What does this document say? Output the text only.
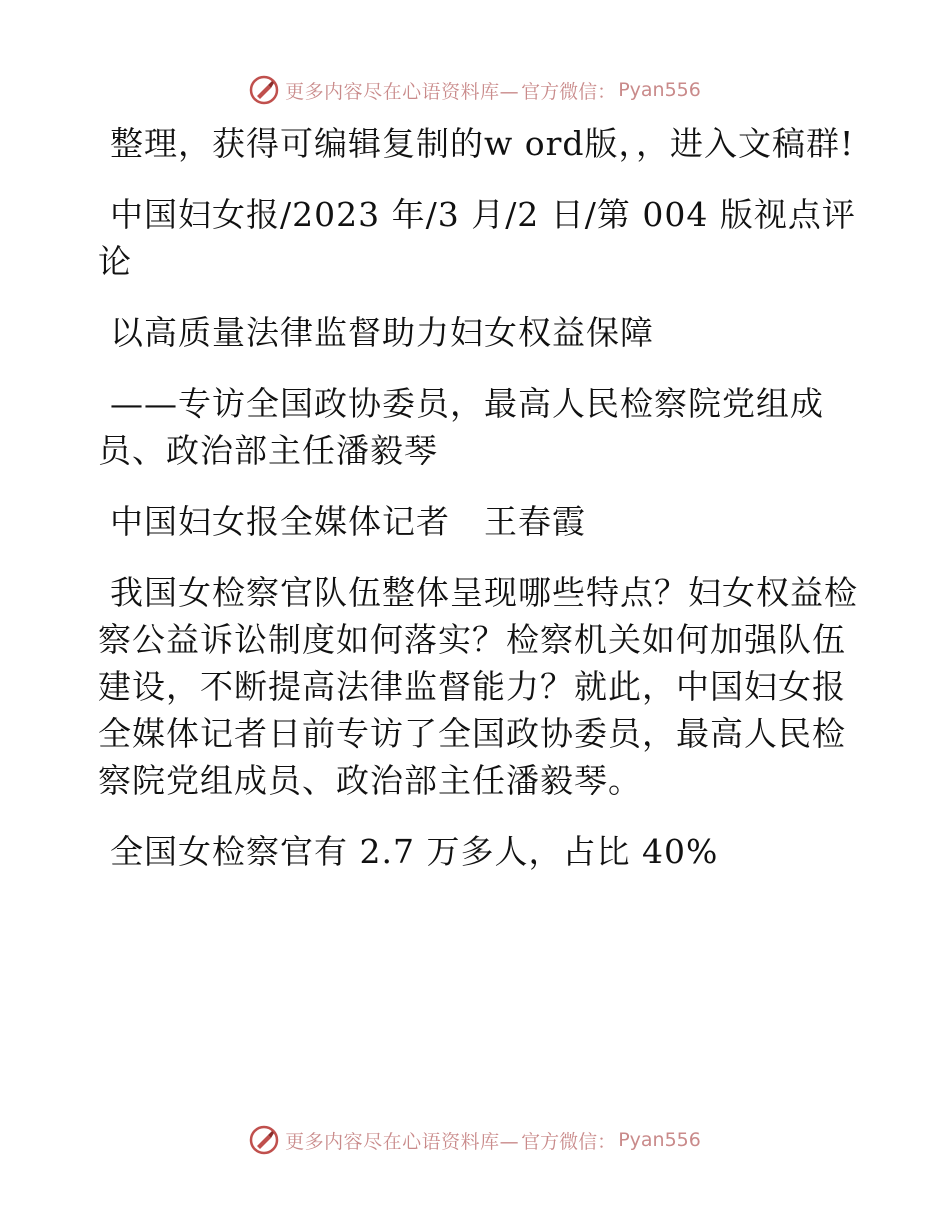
更多内容尽在心语资料库— 官方微信： Pyan556

整理，获得可编辑复制的w ord版，，进入文稿群!

中国妇女报/2023 年/3 月/2 日/第 004 版视点评论

以高质量法律监督助力妇女权益保障

——专访全国政协委员，最高人民检察院党组成员、政治部主任潘毅琴

中国妇女报全媒体记者　王春霞

我国女检察官队伍整体呈现哪些特点？妇女权益检察公益诉讼制度如何落实？检察机关如何加强队伍建设，不断提高法律监督能力？就此，中国妇女报全媒体记者日前专访了全国政协委员，最高人民检察院党组成员、政治部主任潘毅琴。

全国女检察官有 2.7 万多人，占比 40%

更多内容尽在心语资料库— 官方微信： Pyan556
